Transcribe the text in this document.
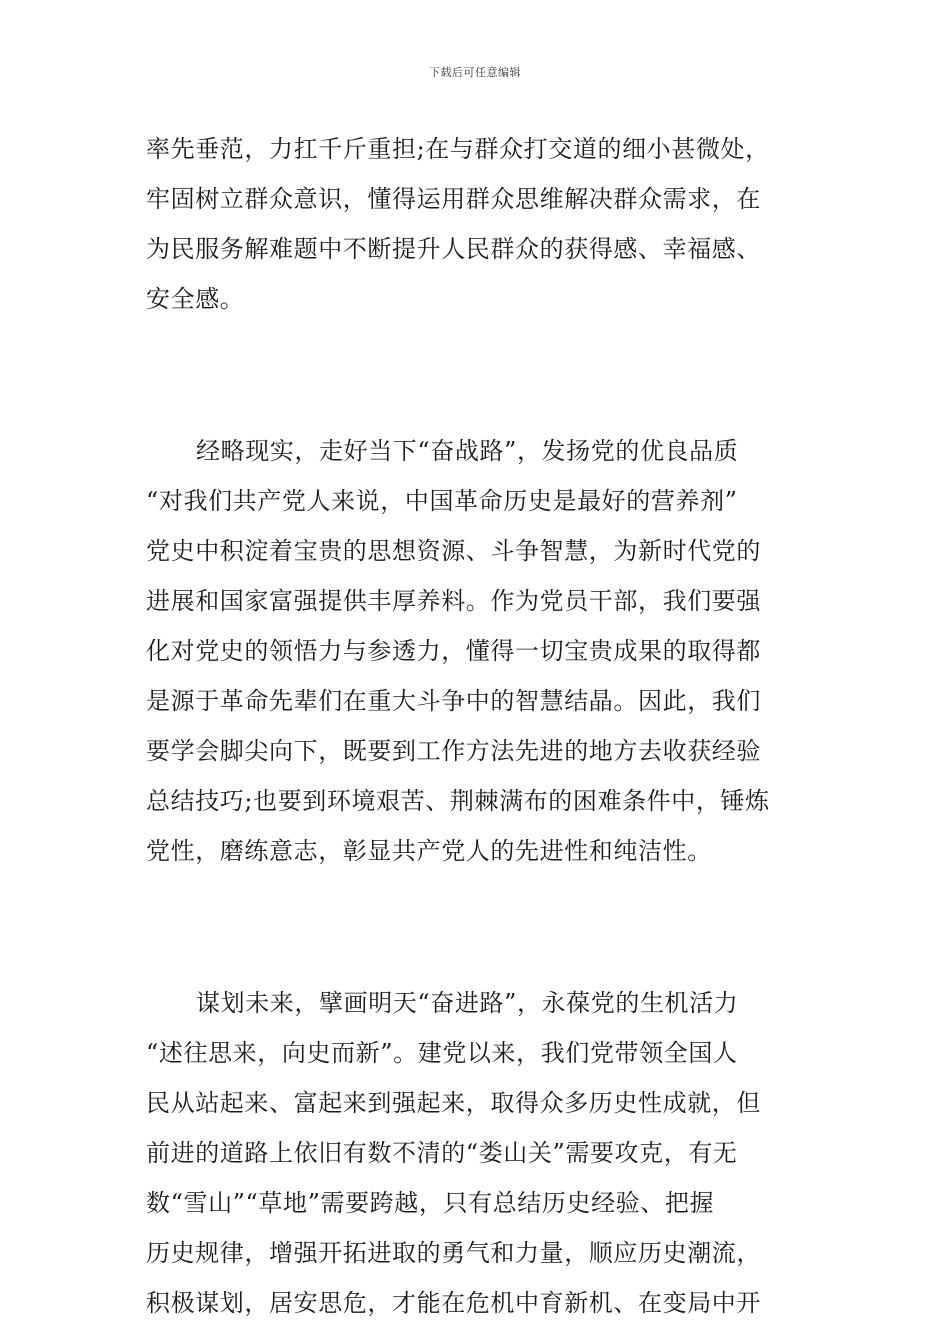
下载后可任意编辑
率先垂范，力扛千斤重担;在与群众打交道的细小甚微处，
牢固树立群众意识，懂得运用群众思维解决群众需求，在
为民服务解难题中不断提升人民群众的获得感、幸福感、
安全感。
经略现实，走好当下“奋战路”，发扬党的优良品质
“对我们共产党人来说，中国革命历史是最好的营养剂”
党史中积淀着宝贵的思想资源、斗争智慧，为新时代党的
进展和国家富强提供丰厚养料。作为党员干部，我们要强
化对党史的领悟力与参透力，懂得一切宝贵成果的取得都
是源于革命先辈们在重大斗争中的智慧结晶。因此，我们
要学会脚尖向下，既要到工作方法先进的地方去收获经验
总结技巧;也要到环境艰苦、荆棘满布的困难条件中，锤炼
党性，磨练意志，彰显共产党人的先进性和纯洁性。
谋划未来，擘画明天“奋进路”，永葆党的生机活力
“述往思来，向史而新”。建党以来，我们党带领全国人
民从站起来、富起来到强起来，取得众多历史性成就，但
前进的道路上依旧有数不清的“娄山关”需要攻克，有无
数“雪山”“草地”需要跨越，只有总结历史经验、把握
历史规律，增强开拓进取的勇气和力量，顺应历史潮流，
积极谋划，居安思危，才能在危机中育新机、在变局中开
